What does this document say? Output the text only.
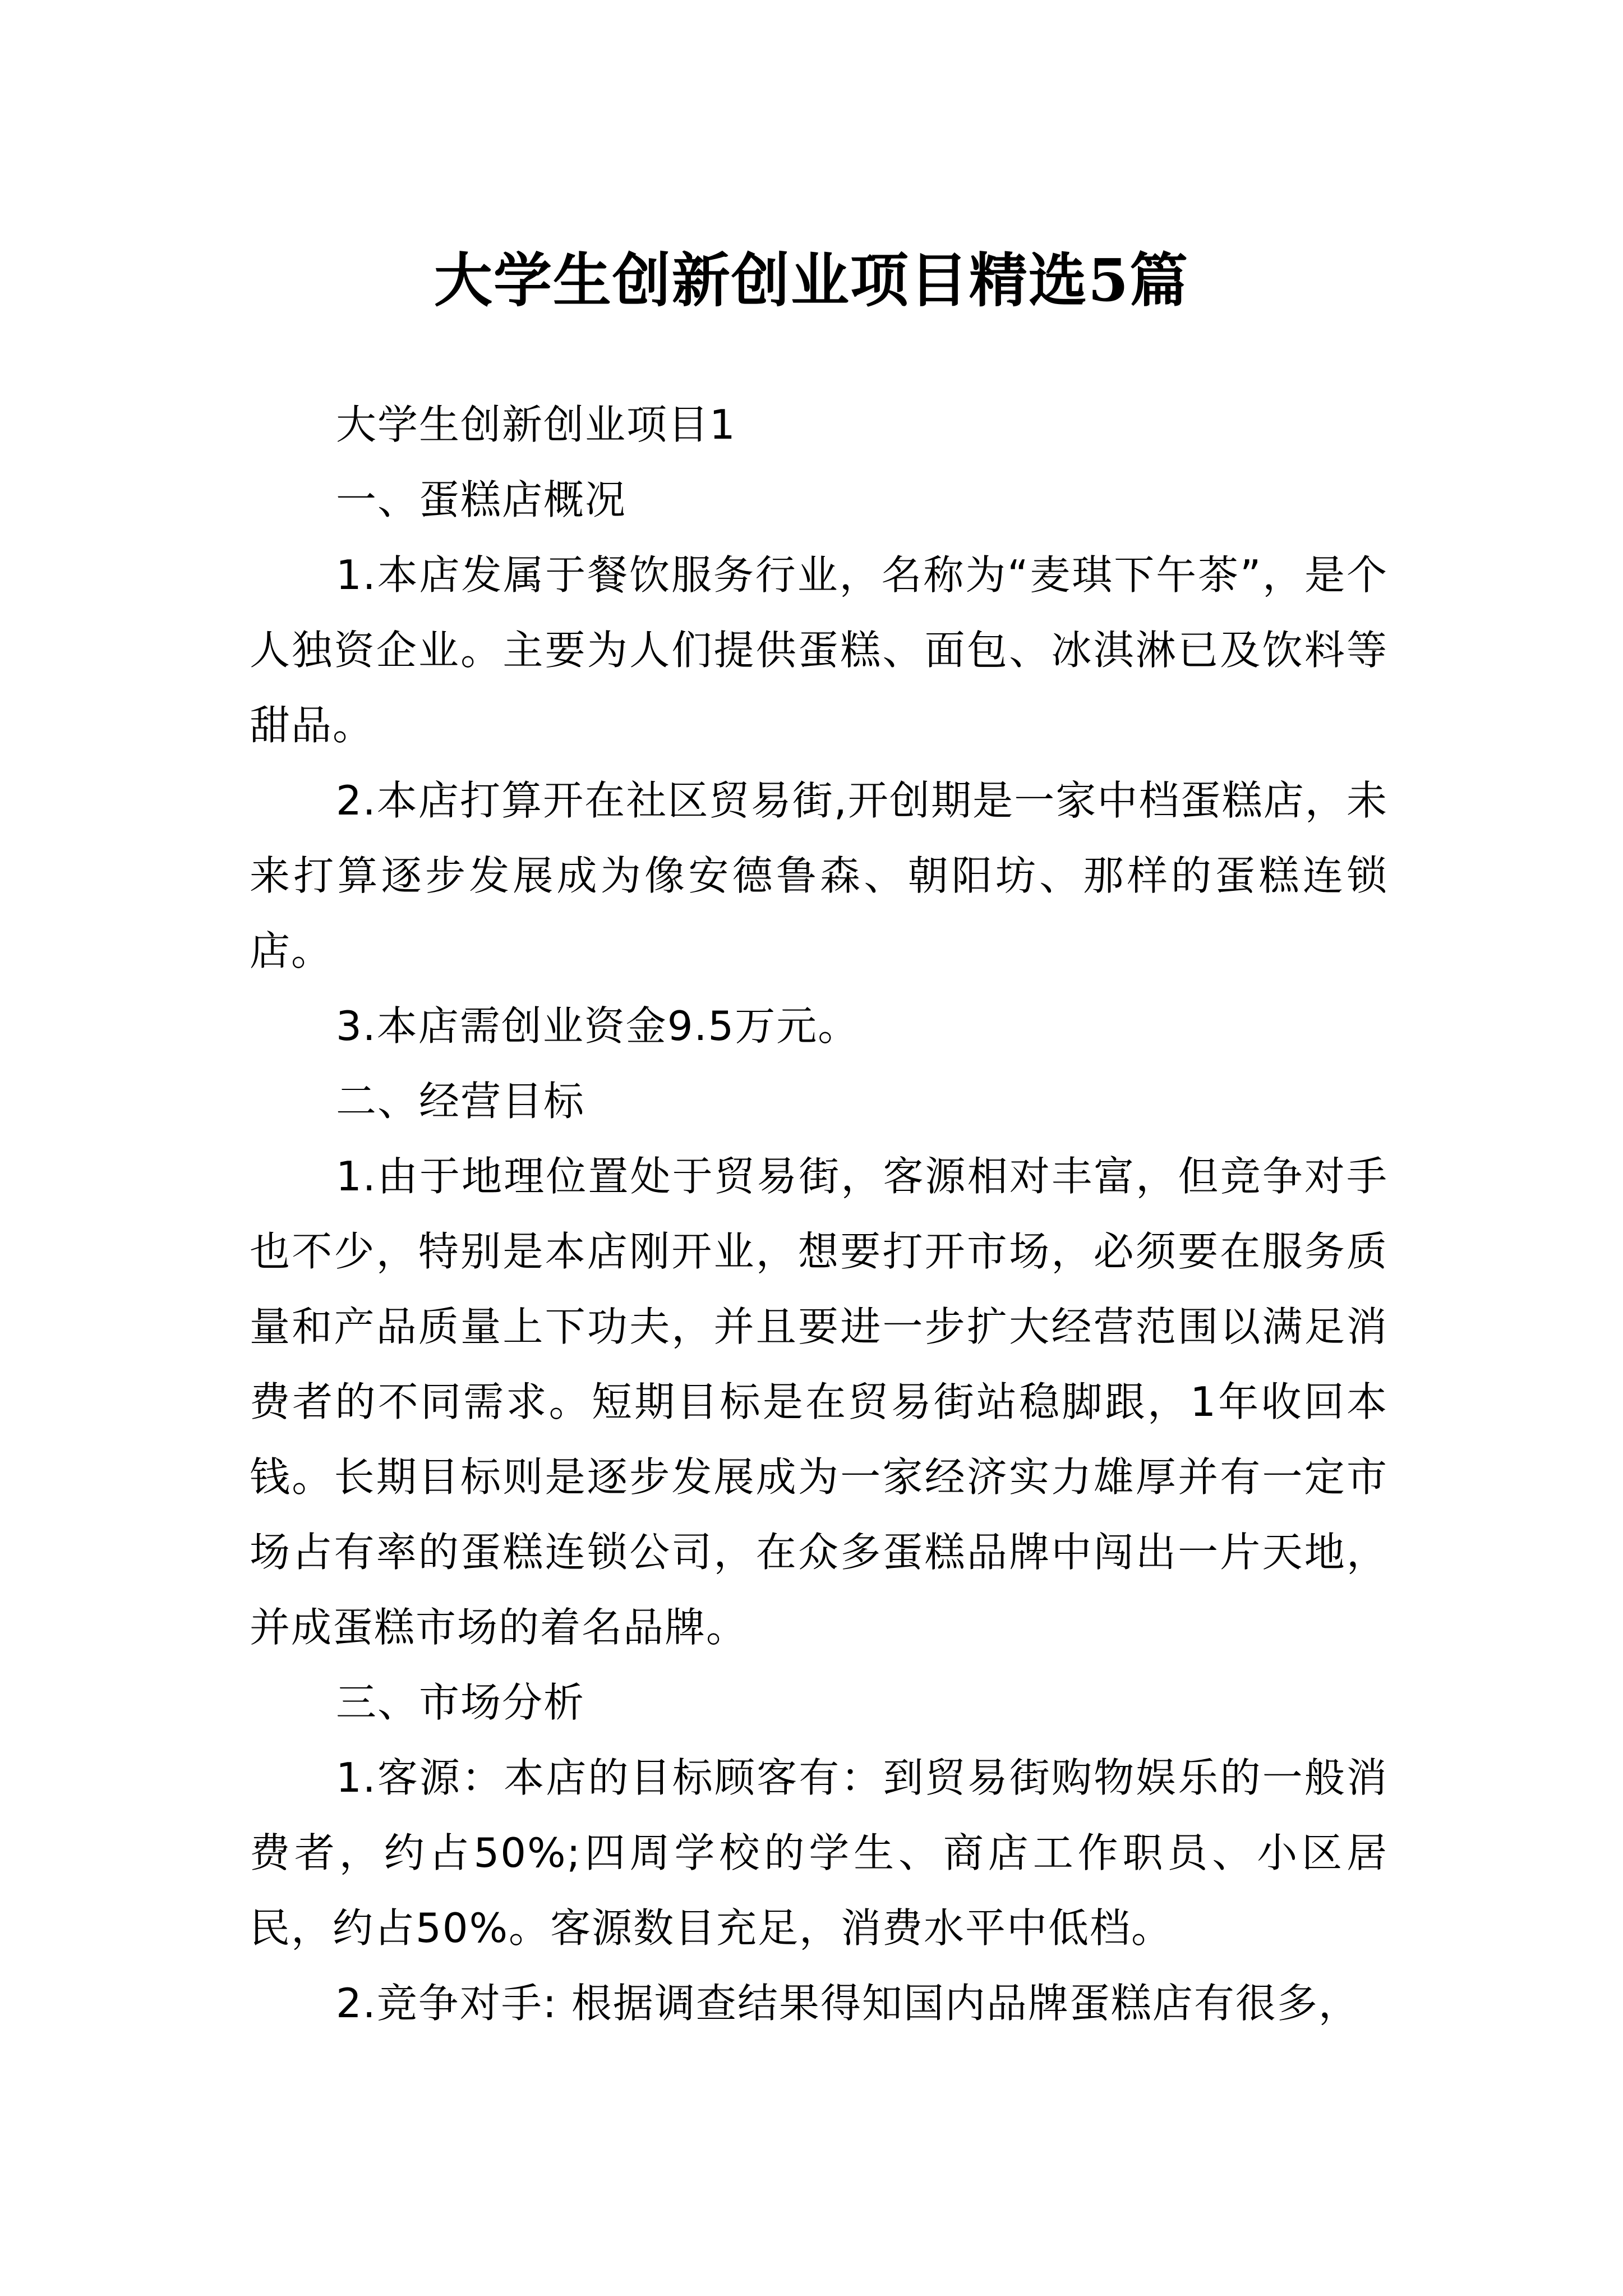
大学生创新创业项目精选5篇

大学生创新创业项目1

一、蛋糕店概况

1.本店发属于餐饮服务行业，名称为“麦琪下午茶”，是个人独资企业。主要为人们提供蛋糕、面包、冰淇淋已及饮料等甜品。

2.本店打算开在社区贸易街,开创期是一家中档蛋糕店，未来打算逐步发展成为像安德鲁森、朝阳坊、那样的蛋糕连锁店。

3.本店需创业资金9.5万元。

二、经营目标

1.由于地理位置处于贸易街，客源相对丰富，但竞争对手也不少，特别是本店刚开业，想要打开市场，必须要在服务质量和产品质量上下功夫，并且要进一步扩大经营范围以满足消费者的不同需求。短期目标是在贸易街站稳脚跟，1年收回本钱。长期目标则是逐步发展成为一家经济实力雄厚并有一定市场占有率的蛋糕连锁公司，在众多蛋糕品牌中闯出一片天地，并成蛋糕市场的着名品牌。

三、市场分析

1.客源：本店的目标顾客有：到贸易街购物娱乐的一般消费者，约占50%;四周学校的学生、商店工作职员、小区居民，约占50%。客源数目充足，消费水平中低档。

2.竞争对手: 根据调查结果得知国内品牌蛋糕店有很多，
